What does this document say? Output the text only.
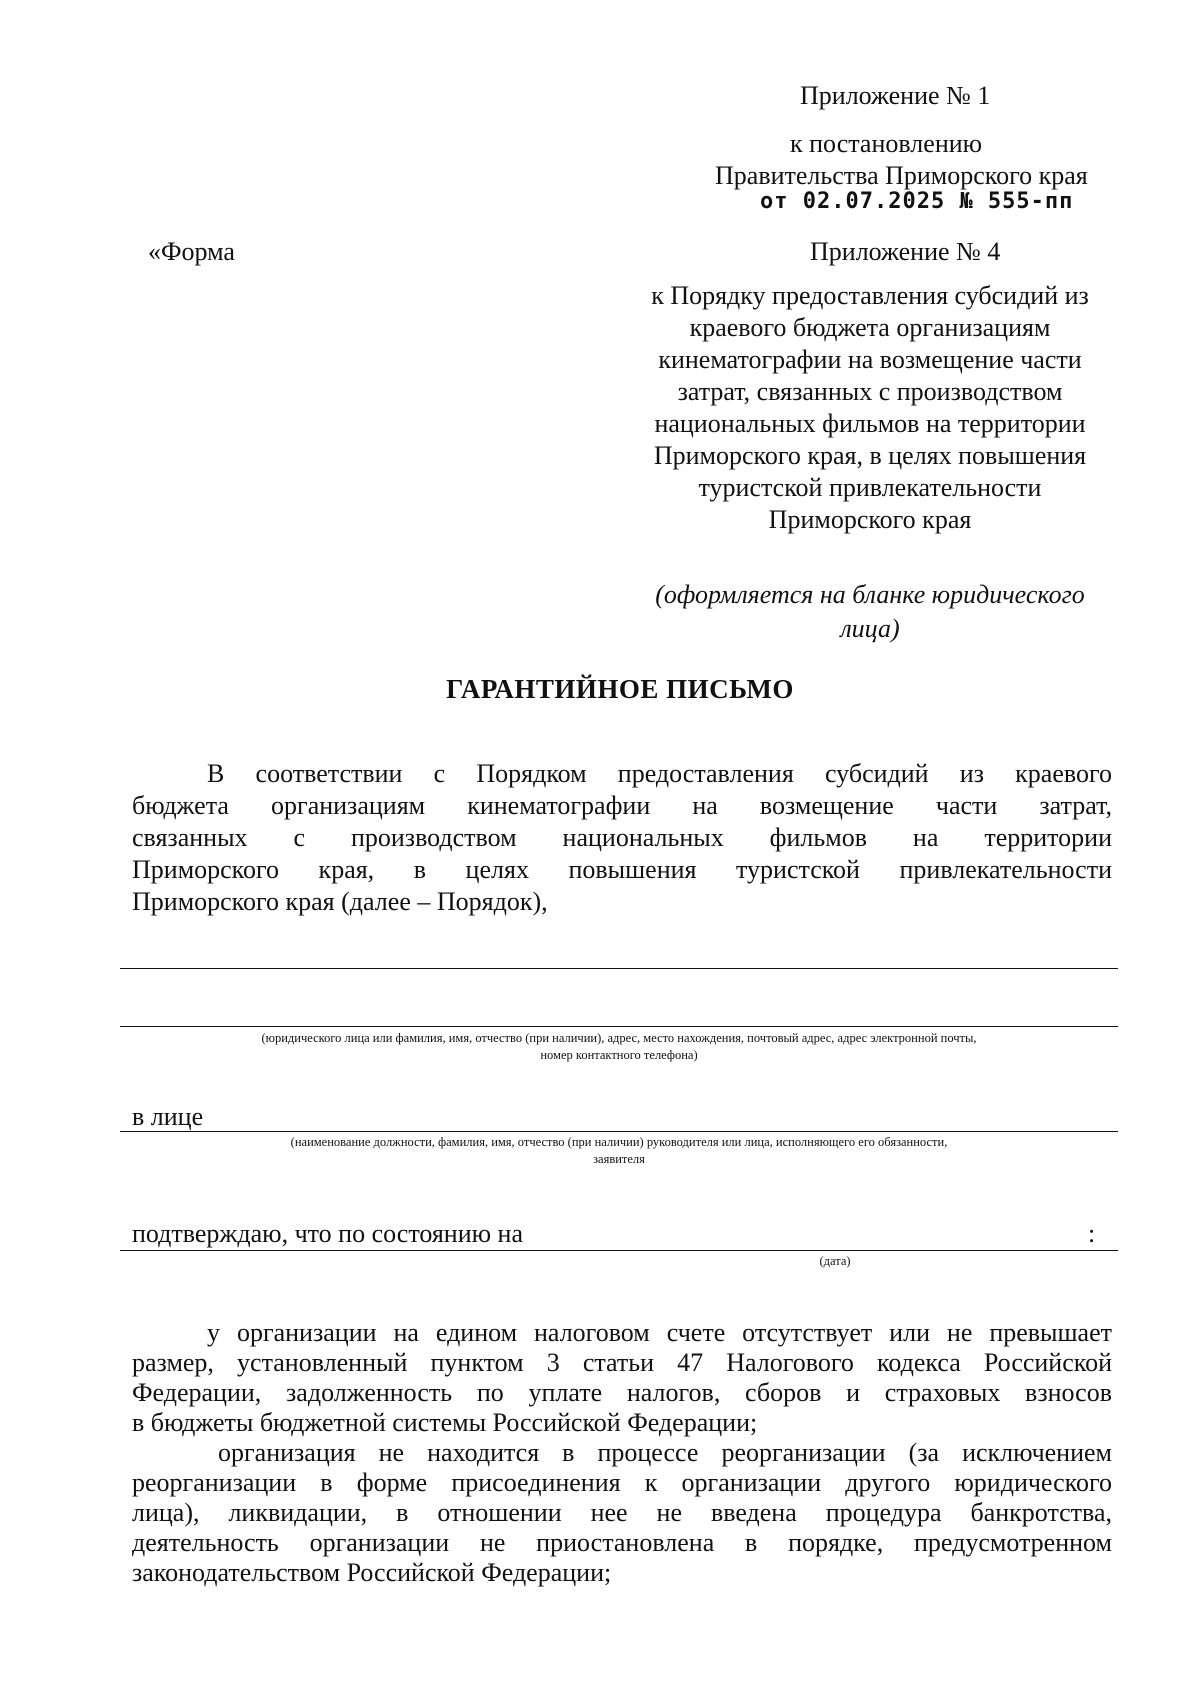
Приложение № 1
к постановлению
Правительства Приморского края
от 02.07.2025 № 555-пп
«Форма	Приложение № 4
к Порядку предоставления субсидий из
краевого бюджета организациям
кинематографии на возмещение части
затрат, связанных с производством
национальных фильмов на территории
Приморского края, в целях повышения
туристской привлекательности
Приморского края
(оформляется на бланке юридического
лица)
ГАРАНТИЙНОЕ ПИСЬМО
В соответствии с Порядком предоставления субсидий из краевого
бюджета организациям кинематографии на возмещение части затрат,
связанных с производством национальных фильмов на территории
Приморского края, в целях повышения туристской привлекательности
Приморского края (далее – Порядок),
(юридического лица или фамилия, имя, отчество (при наличии), адрес, место нахождения, почтовый адрес, адрес электронной почты,
номер контактного телефона)
в лице
(наименование должности, фамилия, имя, отчество (при наличии) руководителя или лица, исполняющего его обязанности,
заявителя
подтверждаю, что по состоянию на	:
(дата)
у организации на едином налоговом счете отсутствует или не превышает
размер, установленный пунктом 3 статьи 47 Налогового кодекса Российской
Федерации, задолженность по уплате налогов, сборов и страховых взносов
в бюджеты бюджетной системы Российской Федерации;
организация не находится в процессе реорганизации (за исключением
реорганизации в форме присоединения к организации другого юридического
лица), ликвидации, в отношении нее не введена процедура банкротства,
деятельность организации не приостановлена в порядке, предусмотренном
законодательством Российской Федерации;
